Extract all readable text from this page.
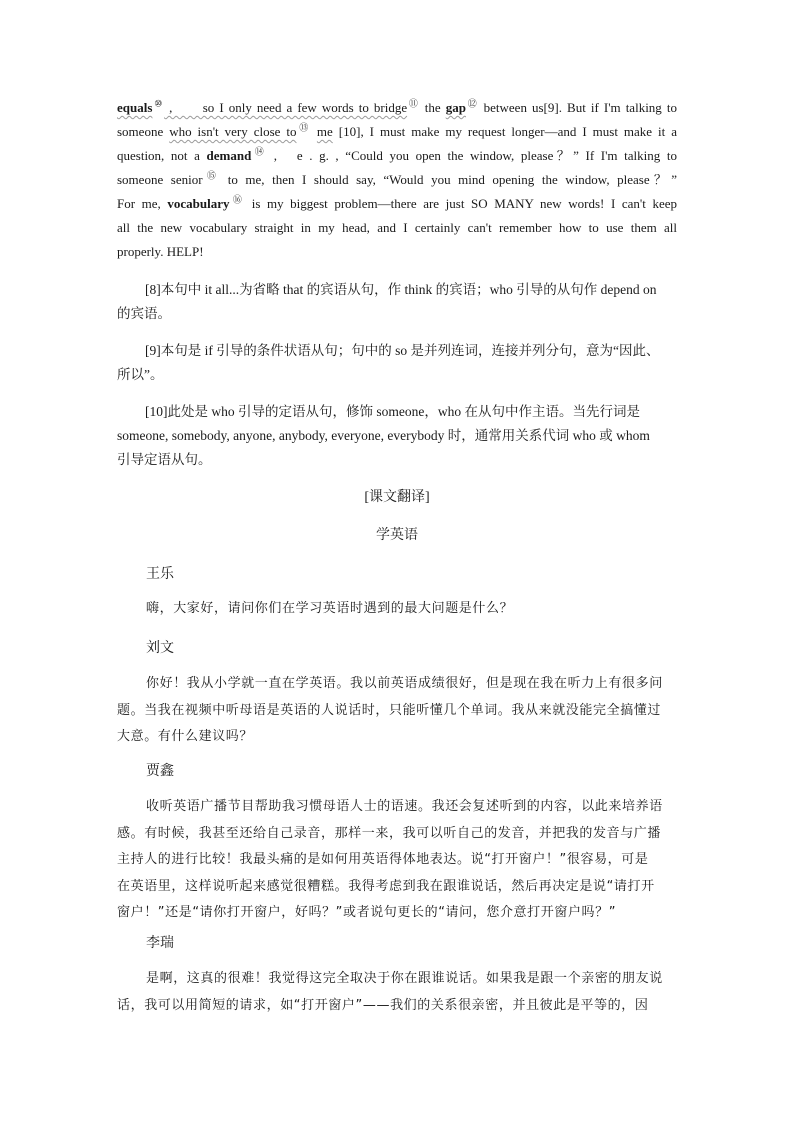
equals⑩ ,      so I only need a few words to bridge⑪ the gap⑫ between us[9]. But if I'm talking to
someone who isn't very close to⑬ me [10], I must make my request longer—and I must make it a
question, not a demand⑭ ,   e . g. , “Could you open the window, please？” If I'm talking to
someone senior⑮ to me, then I should say, “Would you mind opening the window, please？”
For me, vocabulary⑯ is my biggest problem—there are just SO MANY new words! I can't keep
all the new vocabulary straight in my head, and I certainly can't remember how to use them all
properly. HELP!
[8]本句中 it all...为省略 that 的宾语从句，作 think 的宾语；who 引导的从句作 depend on
的宾语。
[9]本句是 if 引导的条件状语从句；句中的 so 是并列连词，连接并列分句，意为“因此、
所以”。
[10]此处是 who 引导的定语从句，修饰 someone，who 在从句中作主语。当先行词是
someone, somebody, anyone, anybody, everyone, everybody 时，通常用关系代词 who 或 whom
引导定语从句。
[课文翻译]
学英语
王乐
嗨，大家好，请问你们在学习英语时遇到的最大问题是什么？
刘文
你好！我从小学就一直在学英语。我以前英语成绩很好，但是现在我在听力上有很多问
题。当我在视频中听母语是英语的人说话时，只能听懂几个单词。我从来就没能完全搞懂过
大意。有什么建议吗？
贾鑫
收听英语广播节目帮助我习惯母语人士的语速。我还会复述听到的内容，以此来培养语
感。有时候，我甚至还给自己录音，那样一来，我可以听自己的发音，并把我的发音与广播
主持人的进行比较！我最头痛的是如何用英语得体地表达。说“打开窗户！”很容易，可是
在英语里，这样说听起来感觉很糟糕。我得考虑到我在跟谁说话，然后再决定是说“请打开
窗户！”还是“请你打开窗户，好吗？”或者说句更长的“请问，您介意打开窗户吗？”
李瑞
是啊，这真的很难！我觉得这完全取决于你在跟谁说话。如果我是跟一个亲密的朋友说
话，我可以用简短的请求，如“打开窗户”——我们的关系很亲密，并且彼此是平等的，因
